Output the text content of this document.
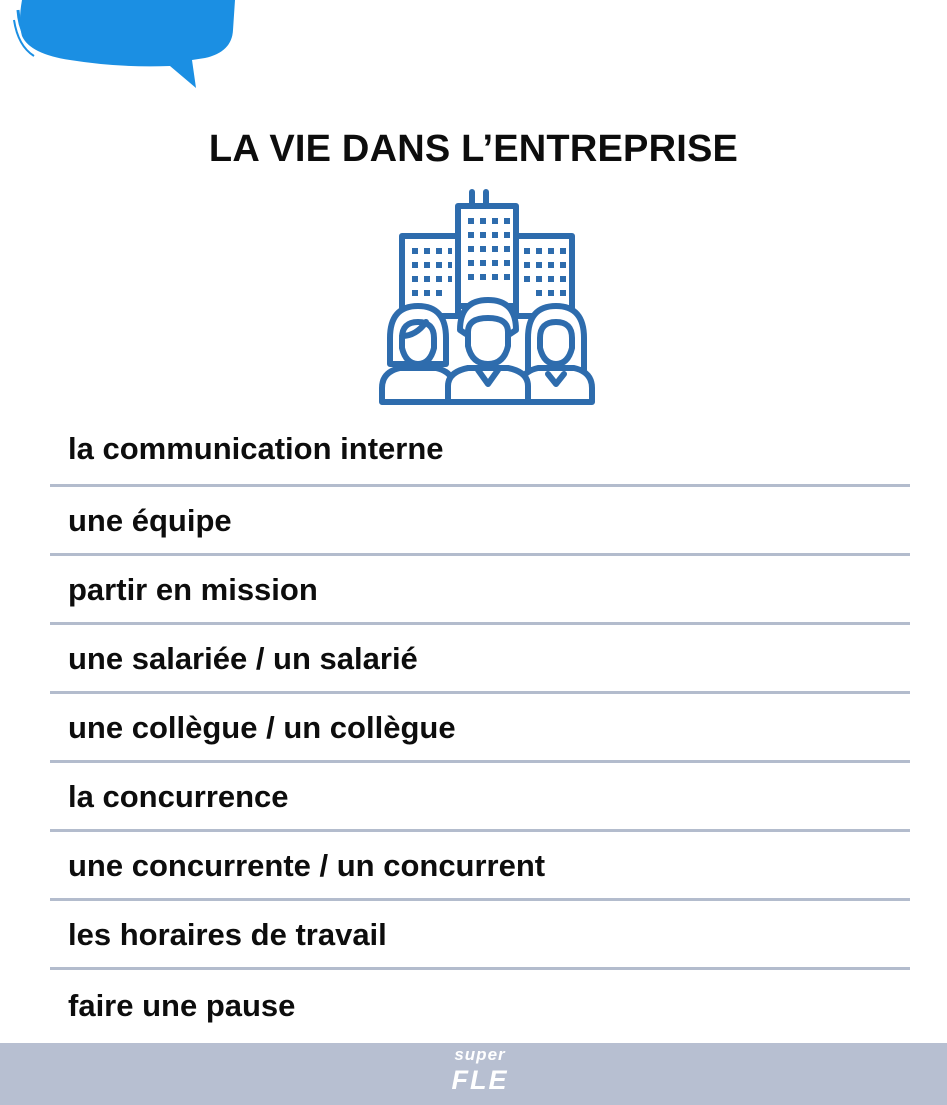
LA VIE DANS L’ENTREPRISE
la communication interne
une équipe
partir en mission
une salariée / un salarié
une collègue / un collègue
la concurrence
une concurrente / un concurrent
les horaires de travail
faire une pause
super
FLE
